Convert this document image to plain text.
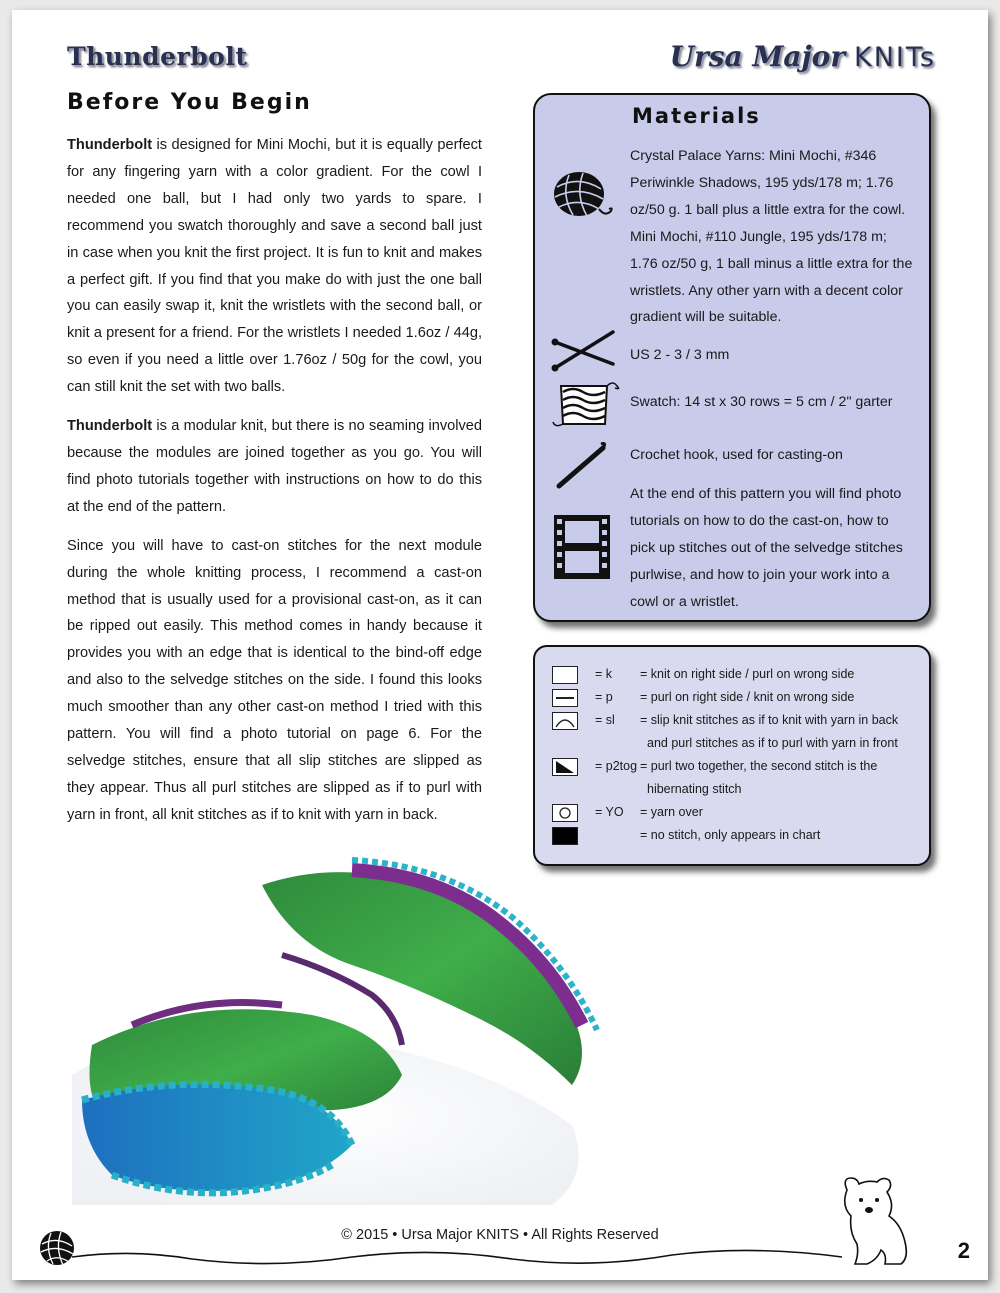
Thunderbolt	Ursa Major KNITs
Before You Begin

Thunderbolt is designed for Mini Mochi, but it is equally perfect for any fingering yarn with a color gradient. For the cowl I needed one ball, but I had only two yards to spare. I recommend you swatch thoroughly and save a second ball just in case when you knit the first project. It is fun to knit and makes a perfect gift. If you find that you make do with just the one ball you can easily swap it, knit the wristlets with the second ball, or knit a present for a friend. For the wristlets I needed 1.6oz / 44g, so even if you need a little over 1.76oz / 50g for the cowl, you can still knit the set with two balls.

Thunderbolt is a modular knit, but there is no seaming involved because the modules are joined together as you go. You will find photo tutorials together with instructions on how to do this at the end of the pattern.

Since you will have to cast-on stitches for the next module during the whole knitting process, I recommend a cast-on method that is usually used for a provisional cast-on, as it can be ripped out easily. This method comes in handy because it provides you with an edge that is identical to the bind-off edge and also to the selvedge stitches on the side. I found this looks much smoother than any other cast-on method I tried with this pattern. You will find a photo tutorial on page 6. For the selvedge stitches, ensure that all slip stitches are slipped as they appear. Thus all purl stitches are slipped as if to purl with yarn in front, all knit stitches as if to knit with yarn in back.

Materials
Crystal Palace Yarns: Mini Mochi, #346 Periwinkle Shadows, 195 yds/178 m; 1.76 oz/50 g. 1 ball plus a little extra for the cowl. Mini Mochi, #110 Jungle, 195 yds/178 m; 1.76 oz/50 g, 1 ball minus a little extra for the wristlets. Any other yarn with a decent color gradient will be suitable.
US 2 - 3 / 3 mm
Swatch: 14 st x 30 rows = 5 cm / 2" garter
Crochet hook, used for casting-on
At the end of this pattern you will find photo tutorials on how to do the cast-on, how to pick up stitches out of the selvedge stitches purlwise, and how to join your work into a cowl or a wristlet.
= k = knit on right side / purl on wrong side
= p = purl on right side / knit on wrong side
= sl = slip knit stitches as if to knit with yarn in back
and purl stitches as if to purl with yarn in front
= p2tog = purl two together, the second stitch is the
hibernating stitch
= YO = yarn over
= no stitch, only appears in chart
© 2015 • Ursa Major KNITS • All Rights Reserved
2
